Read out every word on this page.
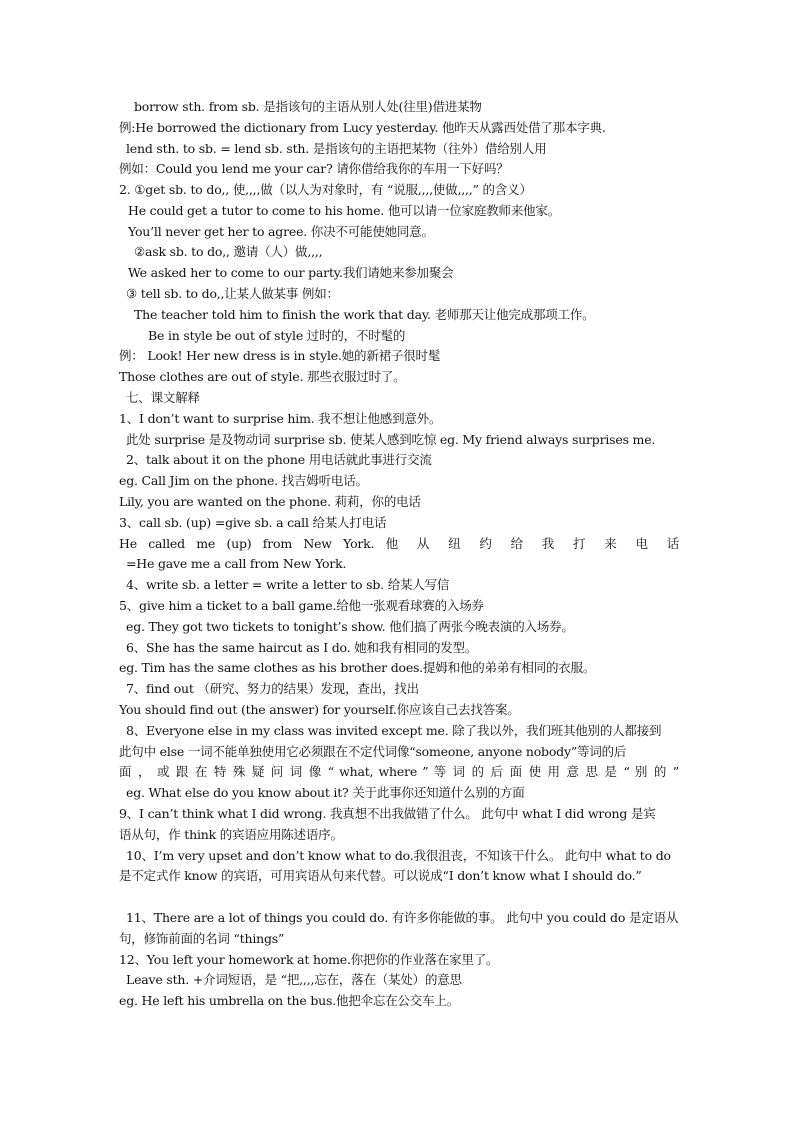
borrow sth. from sb. 是指该句的主语从别人处(往里)借进某物
例:He borrowed the dictionary from Lucy yesterday. 他昨天从露西处借了那本字典.
lend sth. to sb. = lend sb. sth. 是指该句的主语把某物（往外）借给别人用
例如：Could you lend me your car? 请你借给我你的车用一下好吗？
2. ①get sb. to do,, 使,,,,做（以人为对象时，有 “说服,,,,使做,,,,” 的含义）
He could get a tutor to come to his home. 他可以请一位家庭教师来他家。
You’ll never get her to agree. 你决不可能使她同意。
②ask sb. to do,, 邀请（人）做,,,,
We asked her to come to our party.我们请她来参加聚会
③ tell sb. to do,,让某人做某事 例如：
The teacher told him to finish the work that day. 老师那天让他完成那项工作。
Be in style be out of style 过时的，不时髦的
例： Look! Her new dress is in style.她的新裙子很时髦
Those clothes are out of style. 那些衣服过时了。
七、课文解释
1、I don’t want to surprise him. 我不想让他感到意外。
此处 surprise 是及物动词 surprise sb. 使某人感到吃惊 eg. My friend always surprises me.
2、talk about it on the phone 用电话就此事进行交流
eg. Call Jim on the phone. 找吉姆听电话。
Lily, you are wanted on the phone. 莉莉，你的电话
3、call sb. (up) =give sb. a call 给某人打电话
He called me (up) from New York. 他 从 纽 约 给 我 打 来 电 话
=He gave me a call from New York.
4、write sb. a letter = write a letter to sb. 给某人写信
5、give him a ticket to a ball game.给他一张观看球赛的入场券
eg. They got two tickets to tonight’s show. 他们搞了两张今晚表演的入场券。
6、She has the same haircut as I do. 她和我有相同的发型。
eg. Tim has the same clothes as his brother does.提姆和他的弟弟有相同的衣服。
7、find out （研究、努力的结果）发现，查出，找出
You should find out (the answer) for yourself.你应该自己去找答案。
8、Everyone else in my class was invited except me. 除了我以外，我们班其他别的人都接到
此句中 else 一词不能单独使用它必须跟在不定代词像“someone, anyone nobody”等词的后
面 ， 或 跟 在 特 殊 疑 问 词 像 “ what, where ” 等 词 的 后 面 使 用 意 思 是 “ 别 的 ”
eg. What else do you know about it? 关于此事你还知道什么别的方面
9、I can’t think what I did wrong. 我真想不出我做错了什么。 此句中 what I did wrong 是宾
语从句，作 think 的宾语应用陈述语序。
10、I’m very upset and don’t know what to do.我很沮丧，不知该干什么。 此句中 what to do
是不定式作 know 的宾语，可用宾语从句来代替。可以说成“I don’t know what I should do.”
11、There are a lot of things you could do. 有许多你能做的事。 此句中 you could do 是定语从
句，修饰前面的名词 “things”
12、You left your homework at home.你把你的作业落在家里了。
Leave sth. +介词短语，是 “把,,,,忘在，落在（某处）的意思
eg. He left his umbrella on the bus.他把伞忘在公交车上。
